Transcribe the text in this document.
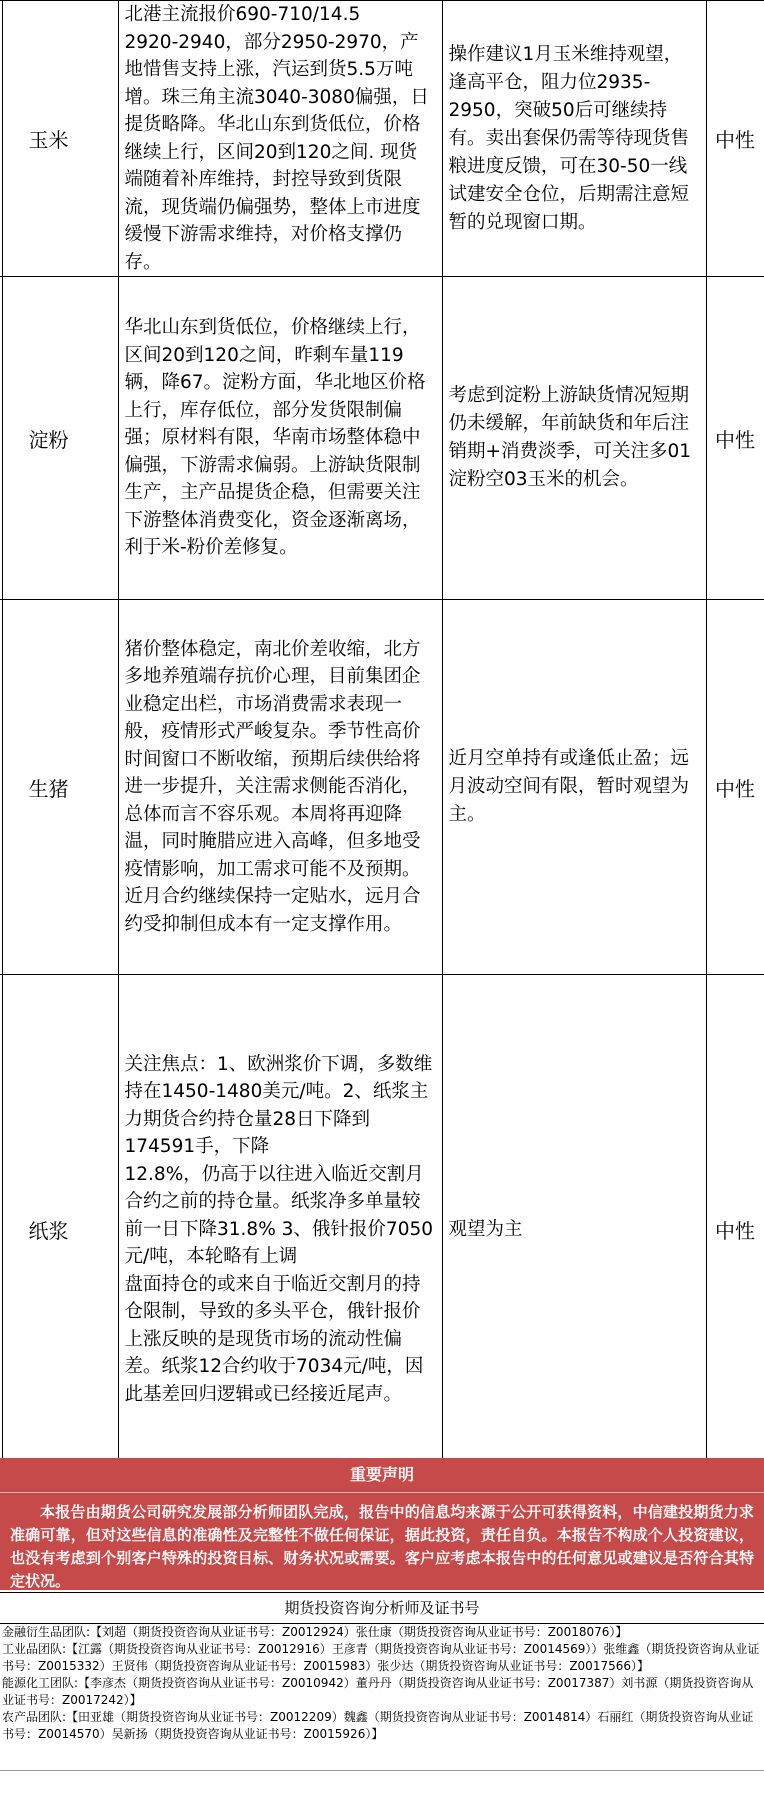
	玉米	北港主流报价690-710/14.5
2920-2940，部分2950-2970，产地惜售支持上涨，汽运到货5.5万吨增。珠三角主流3040-3080偏强，日提货略降。华北山东到货低位，价格继续上行，区间20到120之间. 现货端随着补库维持，封控导致到货限流，现货端仍偏强势，整体上市进度缓慢下游需求维持，对价格支撑仍存。	操作建议1月玉米维持观望，逢高平仓，阻力位2935-2950，突破50后可继续持有。卖出套保仍需等待现货售粮进度反馈，可在30-50一线试建安全仓位，后期需注意短暂的兑现窗口期。	中性
	淀粉	华北山东到货低位，价格继续上行，区间20到120之间，昨剩车量119辆，降67。淀粉方面，华北地区价格上行，库存低位，部分发货限制偏强；原材料有限，华南市场整体稳中偏强，下游需求偏弱。上游缺货限制生产，主产品提货企稳，但需要关注下游整体消费变化，资金逐渐离场，利于米-粉价差修复。	考虑到淀粉上游缺货情况短期仍未缓解，年前缺货和年后注销期+消费淡季，可关注多01淀粉空03玉米的机会。	中性
	生猪	猪价整体稳定，南北价差收缩，北方多地养殖端存抗价心理，目前集团企业稳定出栏，市场消费需求表现一般，疫情形式严峻复杂。季节性高价时间窗口不断收缩，预期后续供给将进一步提升，关注需求侧能否消化，总体而言不容乐观。本周将再迎降温，同时腌腊应进入高峰，但多地受疫情影响，加工需求可能不及预期。近月合约继续保持一定贴水，远月合约受抑制但成本有一定支撑作用。	近月空单持有或逢低止盈；远月波动空间有限，暂时观望为主。	中性
	纸浆	关注焦点：1、欧洲浆价下调，多数维持在1450-1480美元/吨。2、纸浆主力期货合约持仓量28日下降到174591手，下降
12.8%，仍高于以往进入临近交割月合约之前的持仓量。纸浆净多单量较前一日下降31.8% 3、俄针报价7050元/吨，本轮略有上调
盘面持仓的或来自于临近交割月的持仓限制，导致的多头平仓，俄针报价上涨反映的是现货市场的流动性偏差。纸浆12合约收于7034元/吨，因此基差回归逻辑或已经接近尾声。	观望为主	中性
重要声明
本报告由期货公司研究发展部分析师团队完成，报告中的信息均来源于公开可获得资料，中信建投期货力求准确可靠，但对这些信息的准确性及完整性不做任何保证，据此投资，责任自负。本报告不构成个人投资建议，也没有考虑到个别客户特殊的投资目标、财务状况或需要。客户应考虑本报告中的任何意见或建议是否符合其特定状况。
期货投资咨询分析师及证书号

金融衍生品团队:【刘超（期货投资咨询从业证书号：Z0012924）张仕康（期货投资咨询从业证书号：Z0018076）】

工业品团队:【江露（期货投资咨询从业证书号：Z0012916）王彦青（期货投资咨询从业证书号：Z0014569））张维鑫（期货投资咨询从业证书号：Z0015332）王贤伟（期货投资咨询从业证书号：Z0015983）张少达（期货投资咨询从业证书号：Z0017566）】

能源化工团队:【李彦杰（期货投资咨询从业证书号：Z0010942）董丹丹（期货投资咨询从业证书号：Z0017387）刘书源（期货投资咨询从业证书号：Z0017242）】

农产品团队:【田亚雄（期货投资咨询从业证书号：Z0012209）魏鑫（期货投资咨询从业证书号：Z0014814）石丽红（期货投资咨询从业证书号：Z0014570）吴新扬（期货投资咨询从业证书号：Z0015926）】
